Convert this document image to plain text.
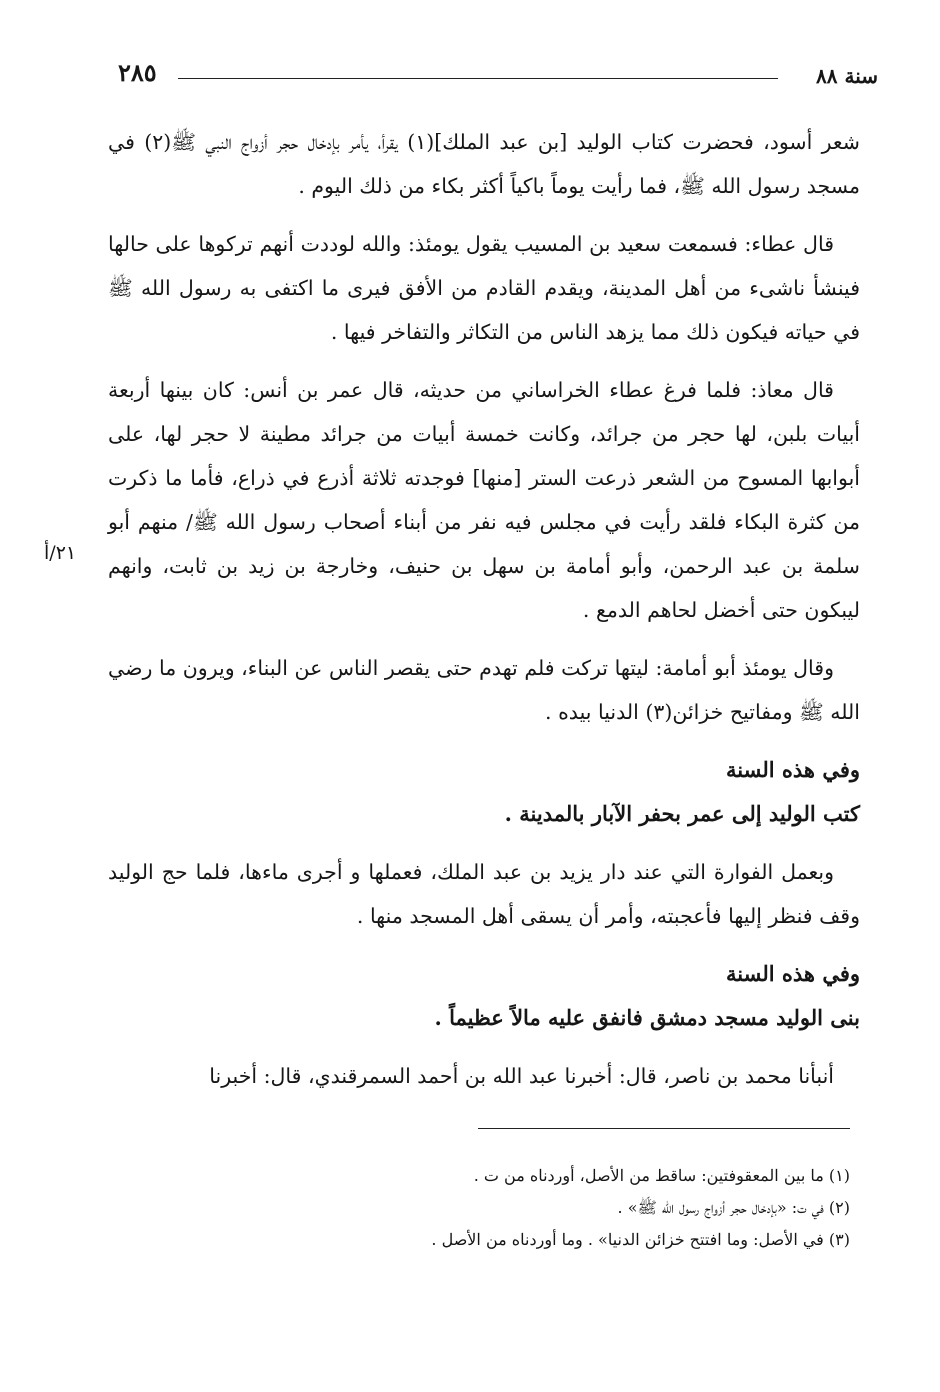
سنة ٨٨
٢٨٥
٢١/أ

شعر أسود، فحضرت كتاب الوليد [بن عبد الملك](١) يقرأ، يأمر بإدخال حجر أزواج النبي ﷺ(٢) في مسجد رسول الله ﷺ، فما رأيت يوماً باكياً أكثر بكاء من ذلك اليوم .

قال عطاء: فسمعت سعيد بن المسيب يقول يومئذ: والله لوددت أنهم تركوها على حالها فينشأ ناشىء من أهل المدينة، ويقدم القادم من الأفق فيرى ما اكتفى به رسول الله ﷺ في حياته فيكون ذلك مما يزهد الناس من التكاثر والتفاخر فيها .

قال معاذ: فلما فرغ عطاء الخراساني من حديثه، قال عمر بن أنس: كان بينها أربعة أبيات بلبن، لها حجر من جرائد، وكانت خمسة أبيات من جرائد مطينة لا حجر لها، على أبوابها المسوح من الشعر ذرعت الستر [منها] فوجدته ثلاثة أذرع في ذراع، فأما ما ذكرت من كثرة البكاء فلقد رأيت في مجلس فيه نفر من أبناء أصحاب رسول الله ﷺ/ منهم أبو سلمة بن عبد الرحمن، وأبو أمامة بن سهل بن حنيف، وخارجة بن زيد بن ثابت، وانهم ليبكون حتى أخضل لحاهم الدمع .

وقال يومئذ أبو أمامة: ليتها تركت فلم تهدم حتى يقصر الناس عن البناء، ويرون ما رضي الله ﷺ ومفاتيح خزائن(٣) الدنيا بيده .

وفي هذه السنة
كتب الوليد إلى عمر بحفر الآبار بالمدينة .

وبعمل الفوارة التي عند دار يزيد بن عبد الملك، فعملها و أجرى ماءها، فلما حج الوليد وقف فنظر إليها فأعجبته، وأمر أن يسقى أهل المسجد منها .

وفي هذه السنة
بنى الوليد مسجد دمشق فانفق عليه مالاً عظيماً .

أنبأنا محمد بن ناصر، قال: أخبرنا عبد الله بن أحمد السمرقندي، قال: أخبرنا

(١) ما بين المعقوفتين: ساقط من الأصل، أوردناه من ت .
(٢) في ت: «بإدخال حجر أزواج رسول الله ﷺ» .
(٣) في الأصل: وما افتتح خزائن الدنيا» . وما أوردناه من الأصل .
